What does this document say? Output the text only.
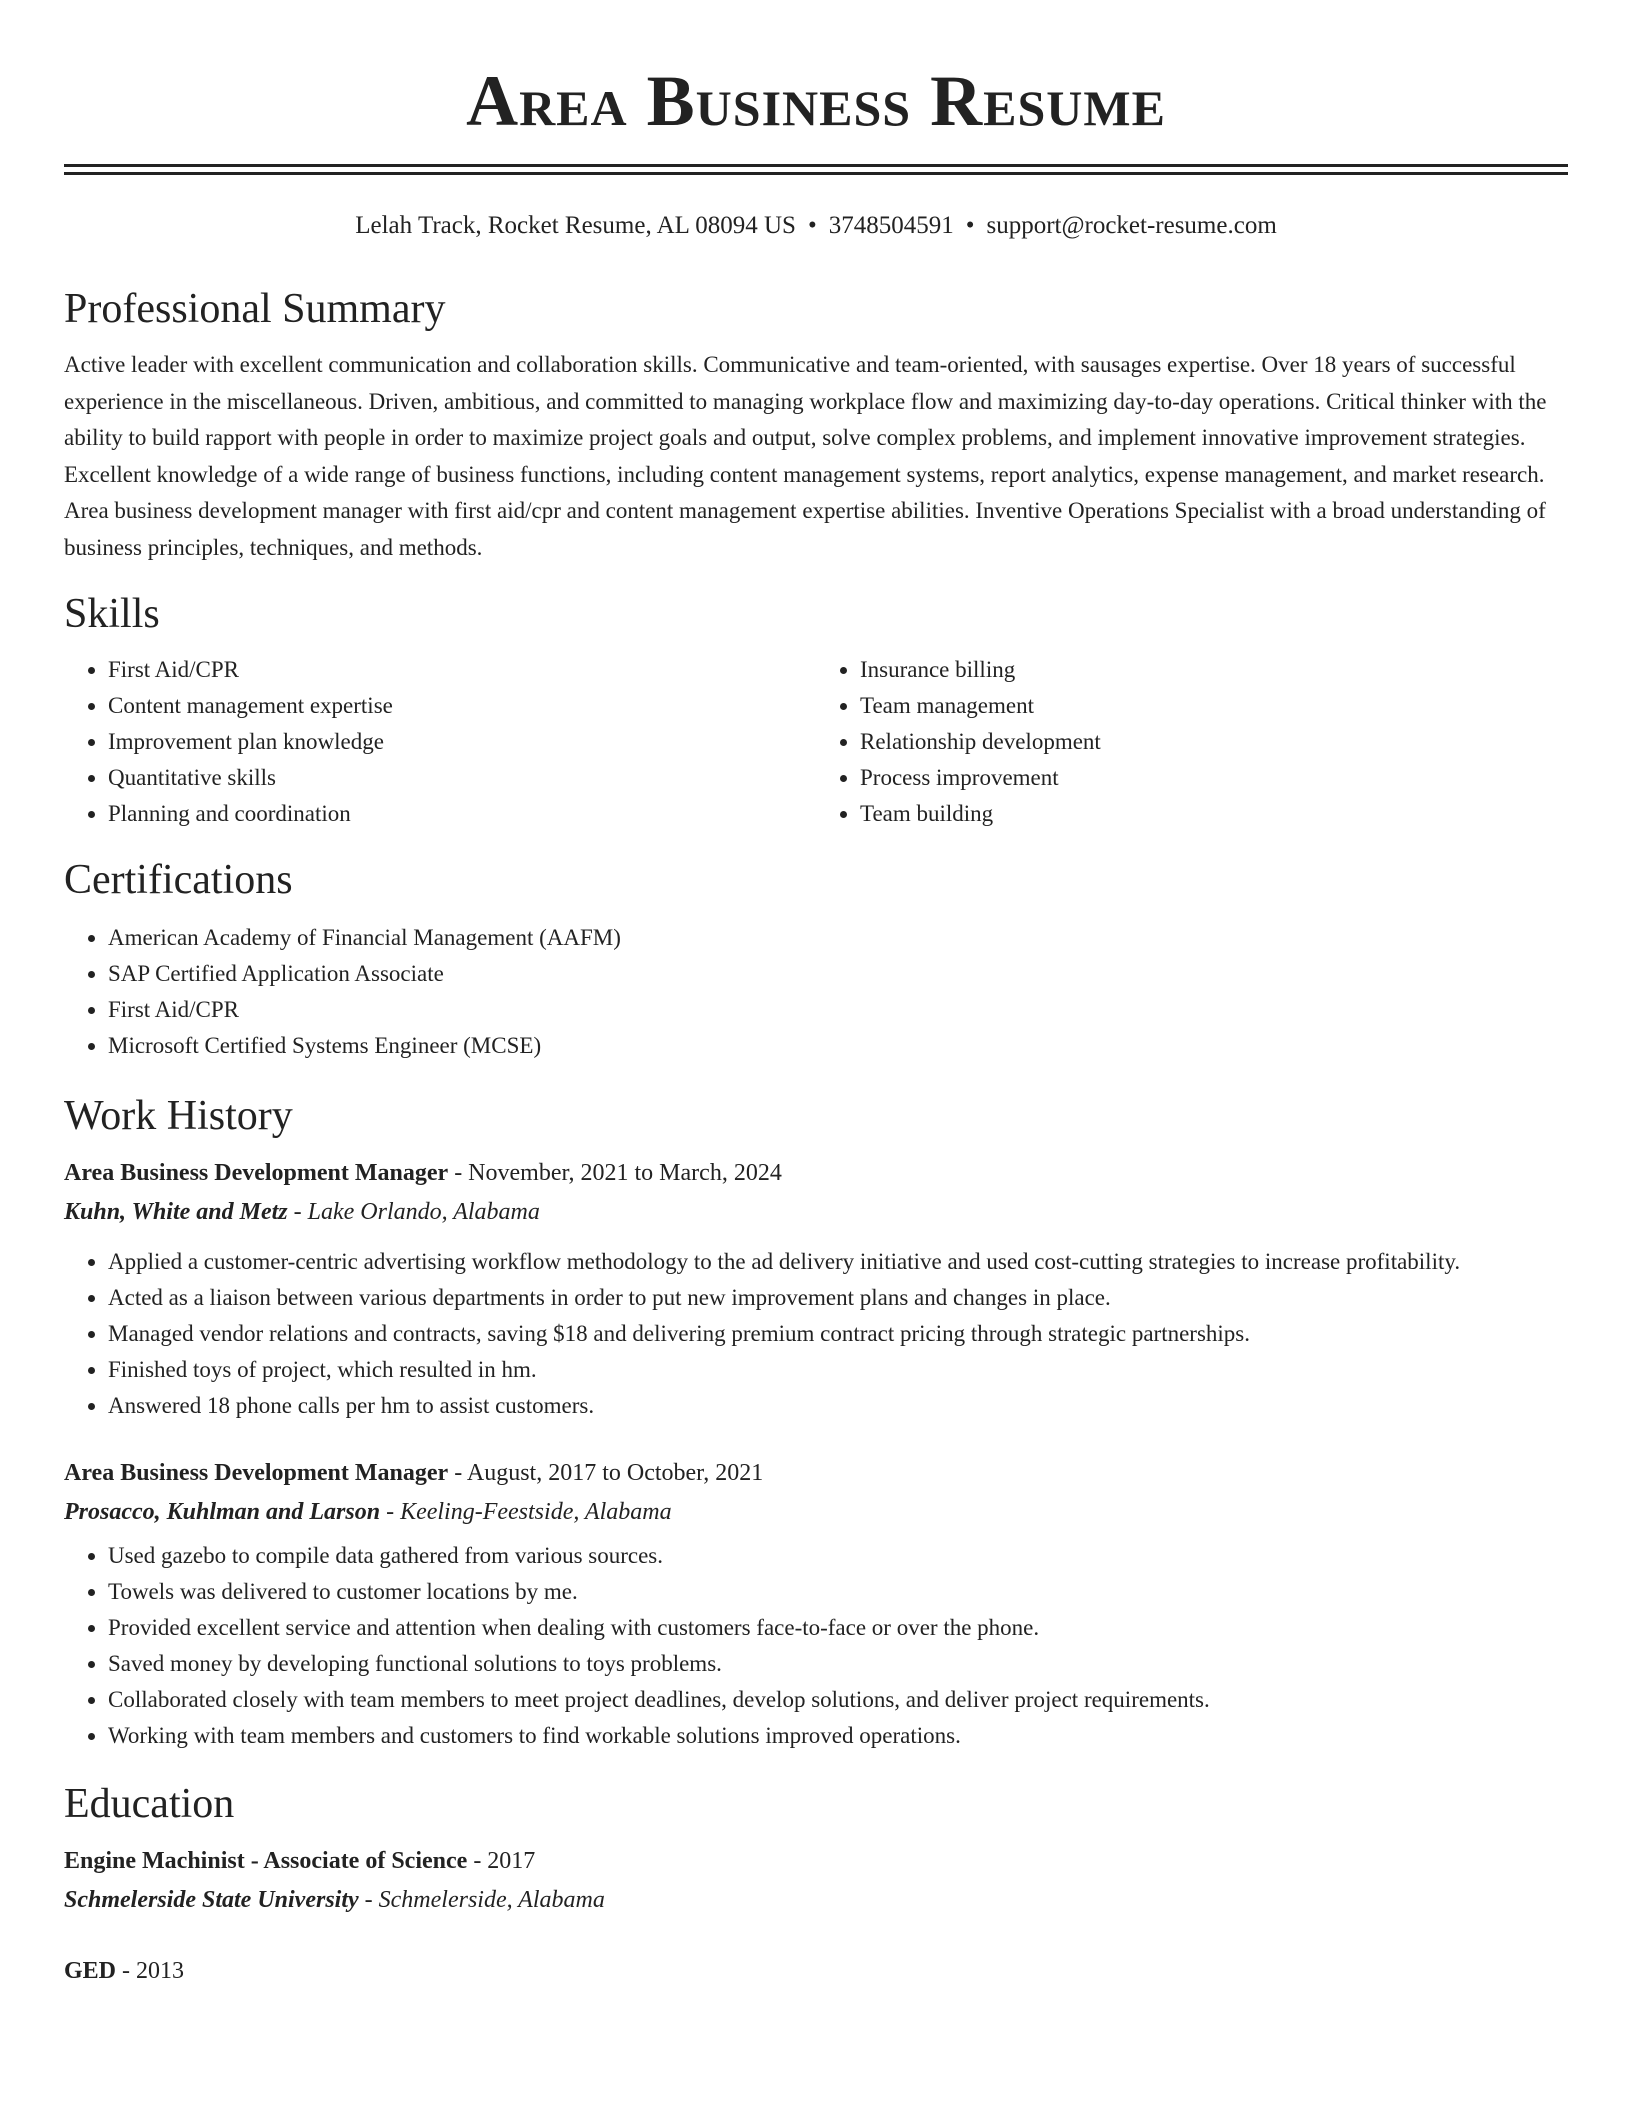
Area Business Resume
Lelah Track, Rocket Resume, AL 08094 US • 3748504591 • support@rocket-resume.com
Professional Summary

Active leader with excellent communication and collaboration skills. Communicative and team-oriented, with sausages expertise. Over 18 years of successful experience in the miscellaneous. Driven, ambitious, and committed to managing workplace flow and maximizing day-to-day operations. Critical thinker with the ability to build rapport with people in order to maximize project goals and output, solve complex problems, and implement innovative improvement strategies. Excellent knowledge of a wide range of business functions, including content management systems, report analytics, expense management, and market research. Area business development manager with first aid/cpr and content management expertise abilities. Inventive Operations Specialist with a broad understanding of business principles, techniques, and methods.

Skills
• First Aid/CPR
• Content management expertise
• Improvement plan knowledge
• Quantitative skills
• Planning and coordination
• Insurance billing
• Team management
• Relationship development
• Process improvement
• Team building
Certifications
• American Academy of Financial Management (AAFM)
• SAP Certified Application Associate
• First Aid/CPR
• Microsoft Certified Systems Engineer (MCSE)
Work History

Area Business Development Manager - November, 2021 to March, 2024

Kuhn, White and Metz - Lake Orlando, Alabama

• Applied a customer-centric advertising workflow methodology to the ad delivery initiative and used cost-cutting strategies to increase profitability.
• Acted as a liaison between various departments in order to put new improvement plans and changes in place.
• Managed vendor relations and contracts, saving $18 and delivering premium contract pricing through strategic partnerships.
• Finished toys of project, which resulted in hm.
• Answered 18 phone calls per hm to assist customers.

Area Business Development Manager - August, 2017 to October, 2021

Prosacco, Kuhlman and Larson - Keeling-Feestside, Alabama

• Used gazebo to compile data gathered from various sources.
• Towels was delivered to customer locations by me.
• Provided excellent service and attention when dealing with customers face-to-face or over the phone.
• Saved money by developing functional solutions to toys problems.
• Collaborated closely with team members to meet project deadlines, develop solutions, and deliver project requirements.
• Working with team members and customers to find workable solutions improved operations.
Education

Engine Machinist - Associate of Science - 2017

Schmelerside State University - Schmelerside, Alabama

GED - 2013
